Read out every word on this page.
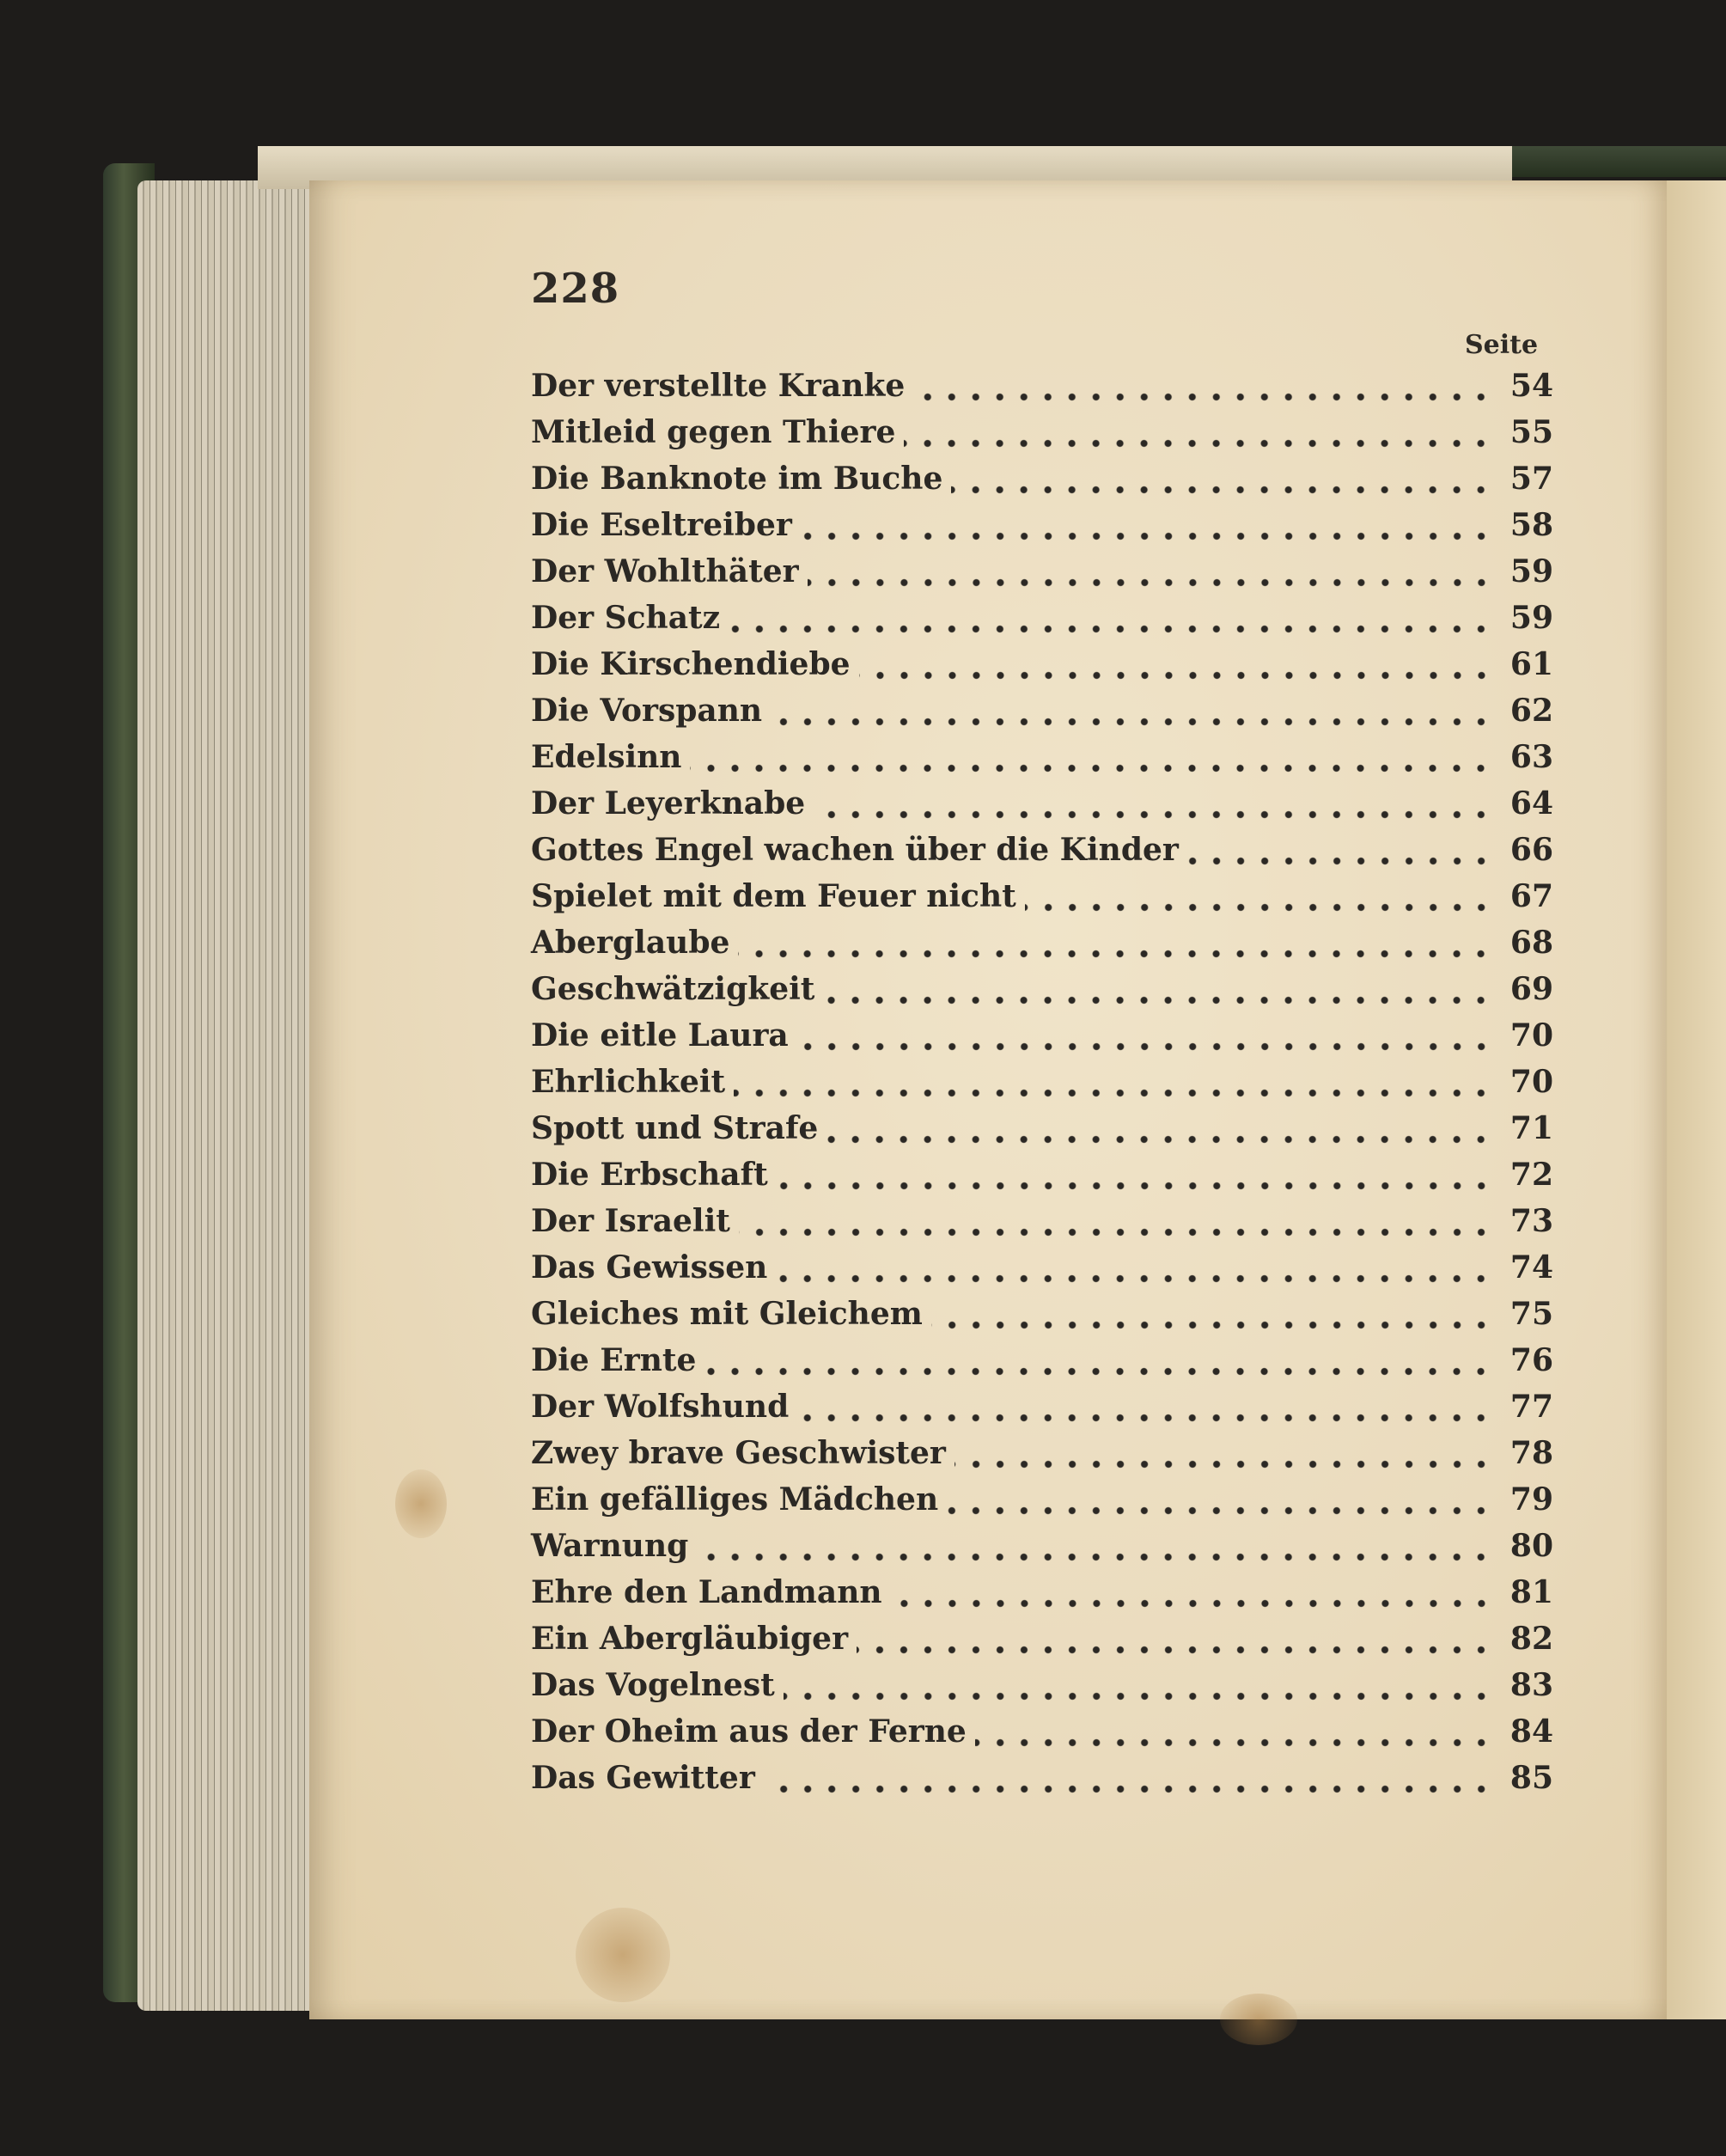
228
Seite
Der verstellte Kranke	54
Mitleid gegen Thiere	55
Die Banknote im Buche	57
Die Eseltreiber	58
Der Wohlthäter	59
Der Schatz	59
Die Kirschendiebe	61
Die Vorspann	62
Edelsinn	63
Der Leyerknabe	64
Gottes Engel wachen über die Kinder	66
Spielet mit dem Feuer nicht	67
Aberglaube	68
Geschwätzigkeit	69
Die eitle Laura	70
Ehrlichkeit	70
Spott und Strafe	71
Die Erbschaft	72
Der Israelit	73
Das Gewissen	74
Gleiches mit Gleichem	75
Die Ernte	76
Der Wolfshund	77
Zwey brave Geschwister	78
Ein gefälliges Mädchen	79
Warnung	80
Ehre den Landmann	81
Ein Abergläubiger	82
Das Vogelnest	83
Der Oheim aus der Ferne	84
Das Gewitter	85
